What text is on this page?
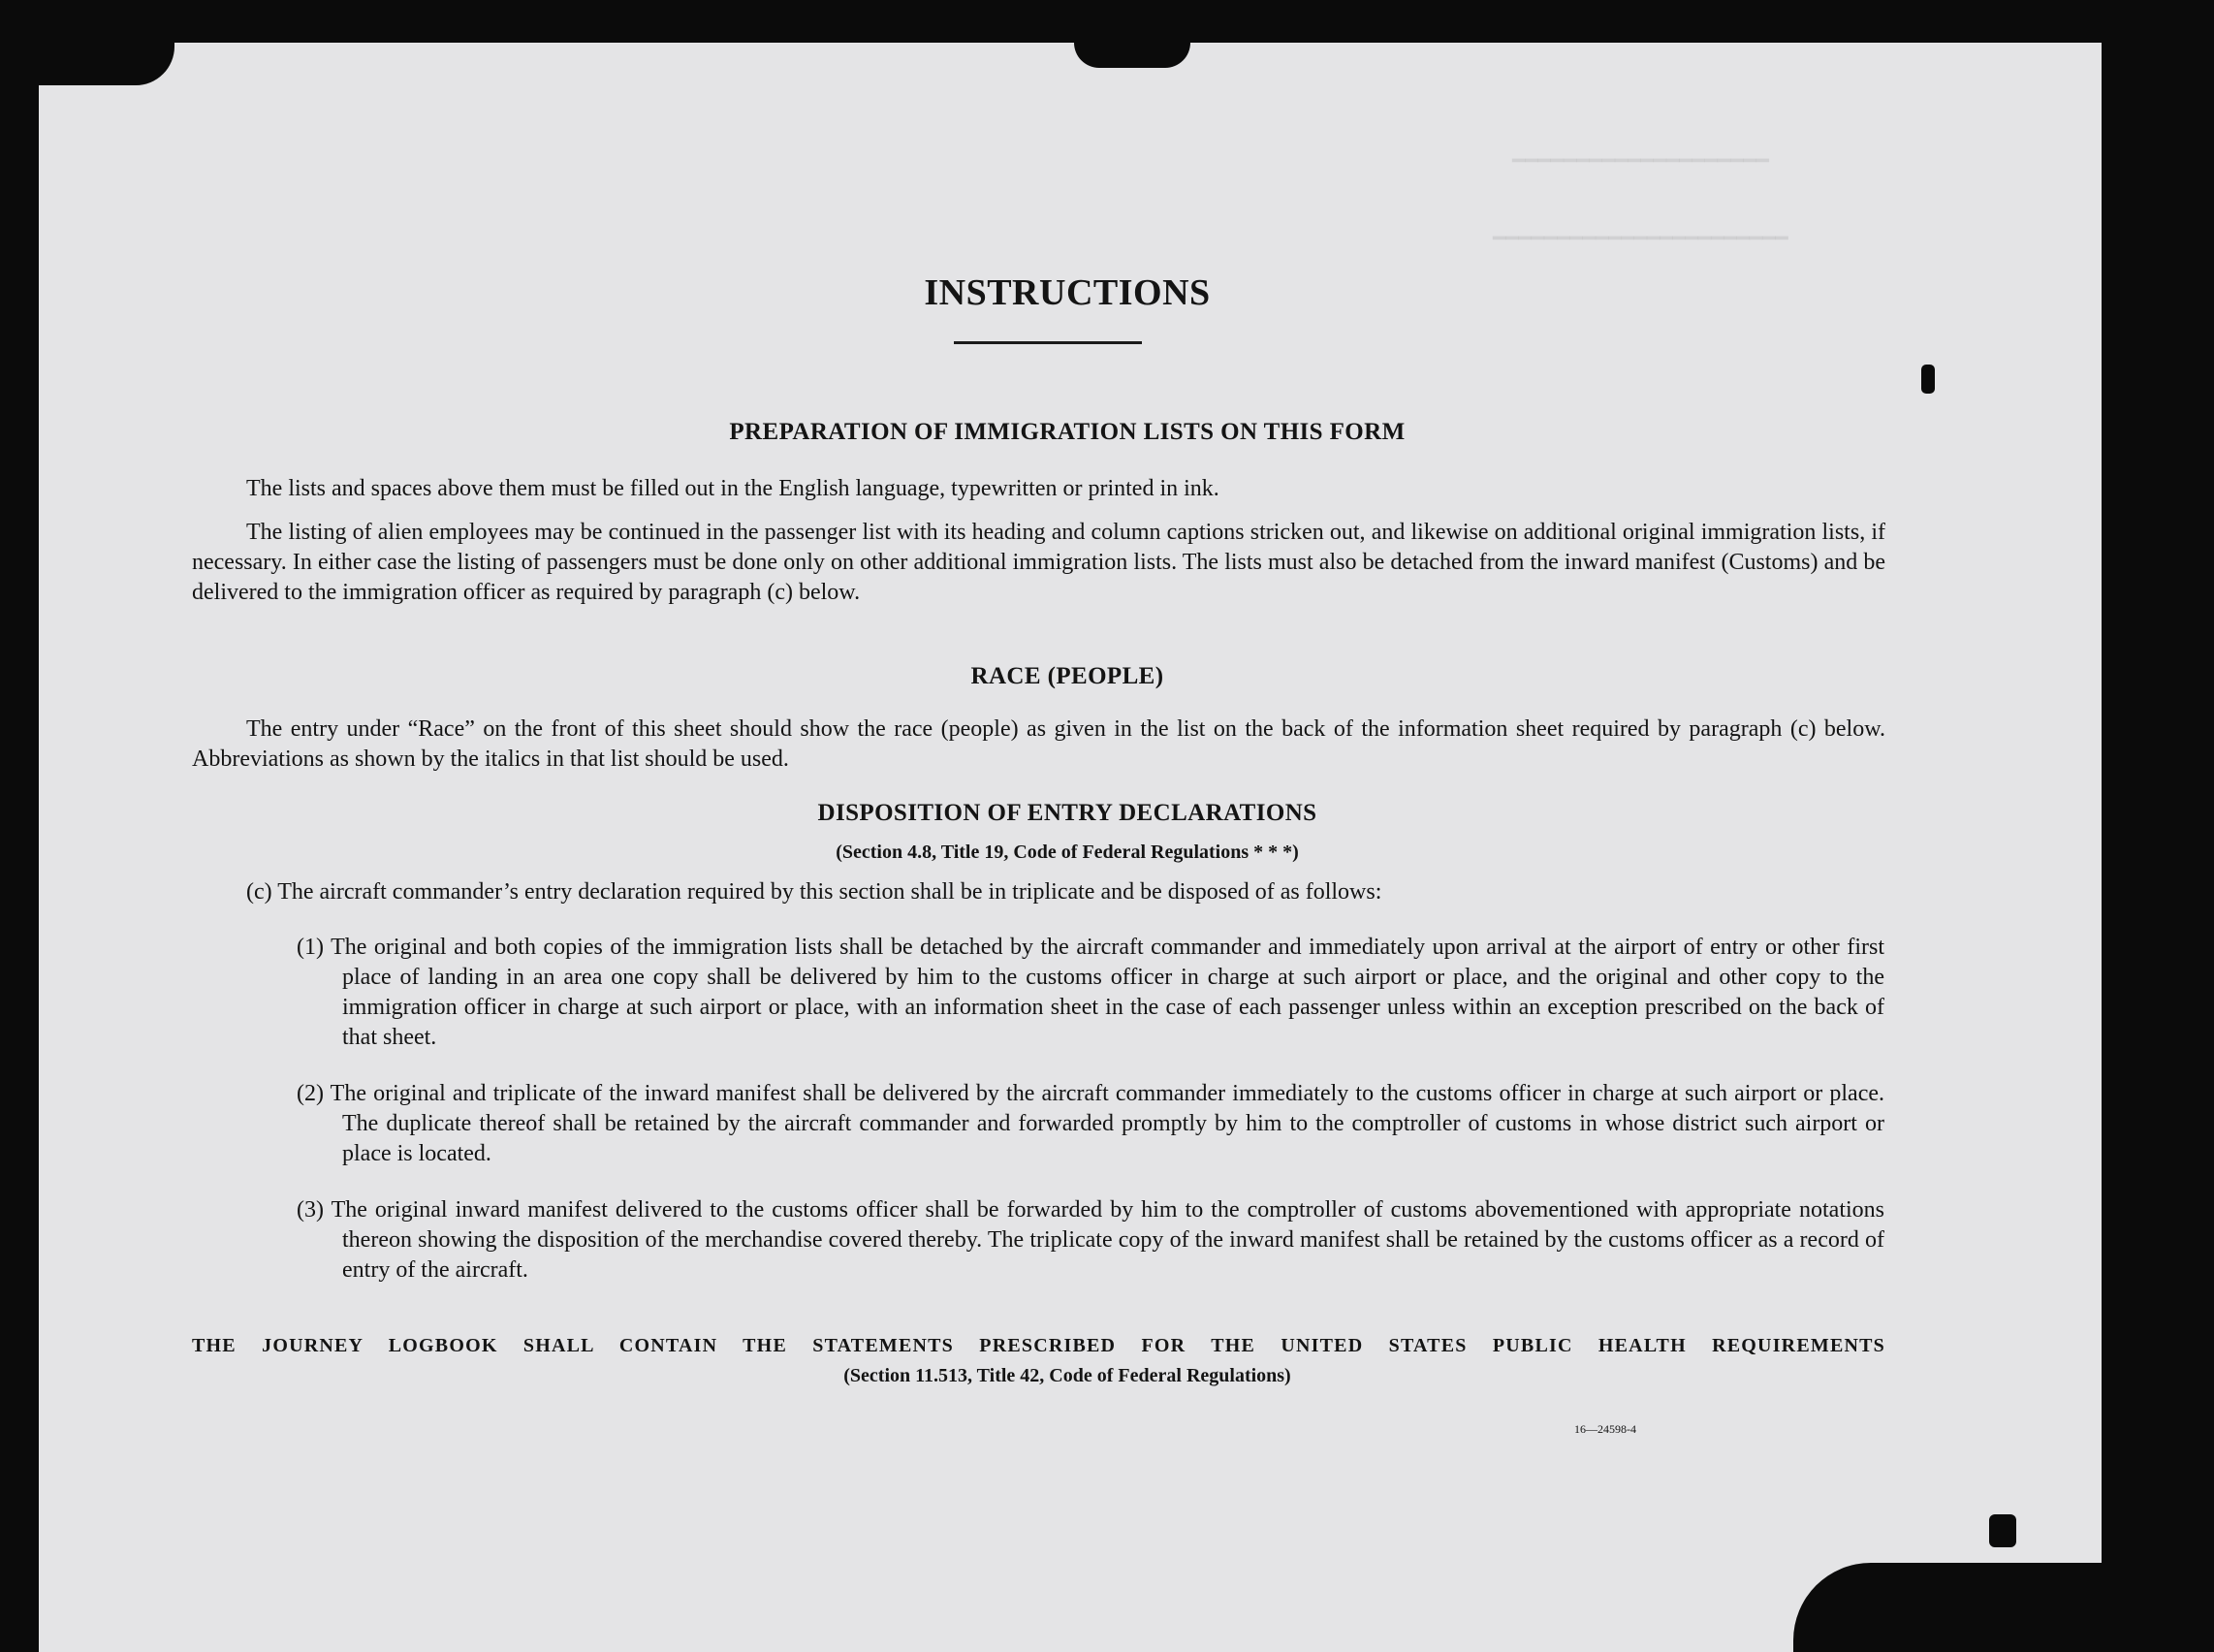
━━━━━━━━━━━━━━━━━━━━
━━━━━━━━━━━━━━━━━━━━━━━
INSTRUCTIONS
PREPARATION OF IMMIGRATION LISTS ON THIS FORM
The lists and spaces above them must be filled out in the English language, typewritten or printed in ink.
The listing of alien employees may be continued in the passenger list with its heading and column captions stricken out, and likewise on additional original immigration lists, if necessary. In either case the listing of passengers must be done only on other additional immigration lists. The lists must also be detached from the inward manifest (Customs) and be delivered to the immigration officer as required by paragraph (c) below.
RACE (PEOPLE)
The entry under “Race” on the front of this sheet should show the race (people) as given in the list on the back of the information sheet required by paragraph (c) below. Abbreviations as shown by the italics in that list should be used.
DISPOSITION OF ENTRY DECLARATIONS
(Section 4.8, Title 19, Code of Federal Regulations * * *)
(c) The aircraft commander’s entry declaration required by this section shall be in triplicate and be disposed of as follows:
(1) The original and both copies of the immigration lists shall be detached by the aircraft commander and immediately upon arrival at the airport of entry or other first place of landing in an area one copy shall be delivered by him to the customs officer in charge at such airport or place, and the original and other copy to the immigration officer in charge at such airport or place, with an information sheet in the case of each passenger unless within an exception prescribed on the back of that sheet.
(2) The original and triplicate of the inward manifest shall be delivered by the aircraft commander immediately to the customs officer in charge at such airport or place. The duplicate thereof shall be retained by the aircraft commander and forwarded promptly by him to the comptroller of customs in whose district such airport or place is located.
(3) The original inward manifest delivered to the customs officer shall be forwarded by him to the comptroller of customs abovementioned with appropriate notations thereon showing the disposition of the merchandise covered thereby. The triplicate copy of the inward manifest shall be retained by the customs officer as a record of entry of the aircraft.
THE JOURNEY LOGBOOK SHALL CONTAIN THE STATEMENTS PRESCRIBED FOR THE UNITED STATES PUBLIC HEALTH REQUIREMENTS
(Section 11.513, Title 42, Code of Federal Regulations)
16—24598-4
